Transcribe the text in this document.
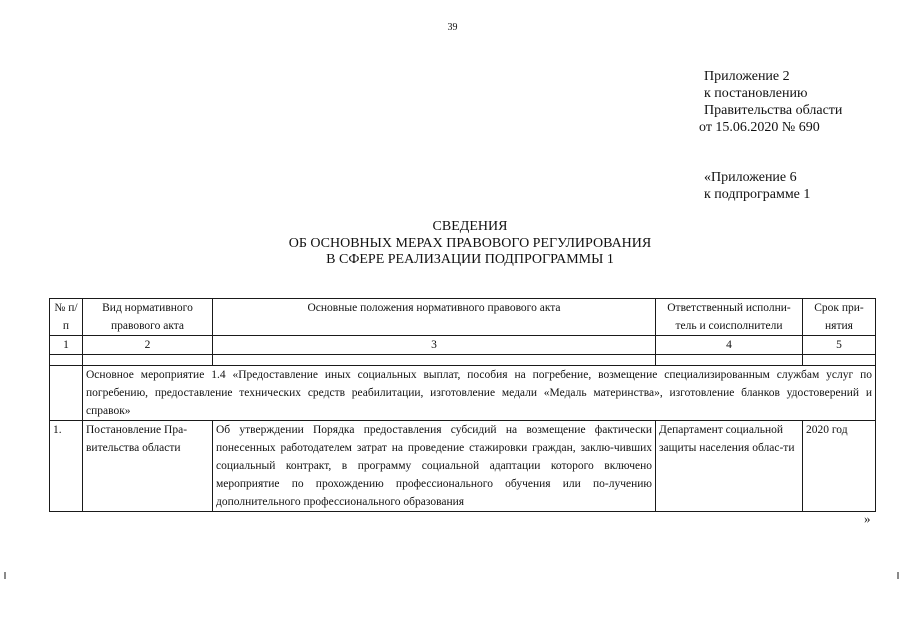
39
Приложение 2
к постановлению
Правительства области
от 15.06.2020 № 690
«Приложение 6
к подпрограмме 1
СВЕДЕНИЯ
ОБ ОСНОВНЫХ МЕРАХ ПРАВОВОГО РЕГУЛИРОВАНИЯ
В СФЕРЕ РЕАЛИЗАЦИИ ПОДПРОГРАММЫ 1
№ п/п	Вид нормативного правового акта	Основные положения нормативного правового акта	Ответственный исполни-тель и соисполнители	Срок при-нятия
1	2	3	4	5

	Основное мероприятие 1.4 «Предоставление иных социальных выплат, пособия на погребение, возмещение специализированным службам услуг по погребению, предоставление технических средств реабилитации, изготовление медали «Медаль материнства», изготовление бланков удостоверений и справок»			
1.	Постановление Пра-вительства области	Об утверждении Порядка предоставления субсидий на возмещение фактически понесенных работодателем затрат на проведение стажировки граждан, заклю-чивших социальный контракт, в программу социальной адаптации которого включено мероприятие по прохождению профессионального обучения или по-лучению дополнительного профессионального образования	Департамент социальной защиты населения облас-ти	2020 год
»
